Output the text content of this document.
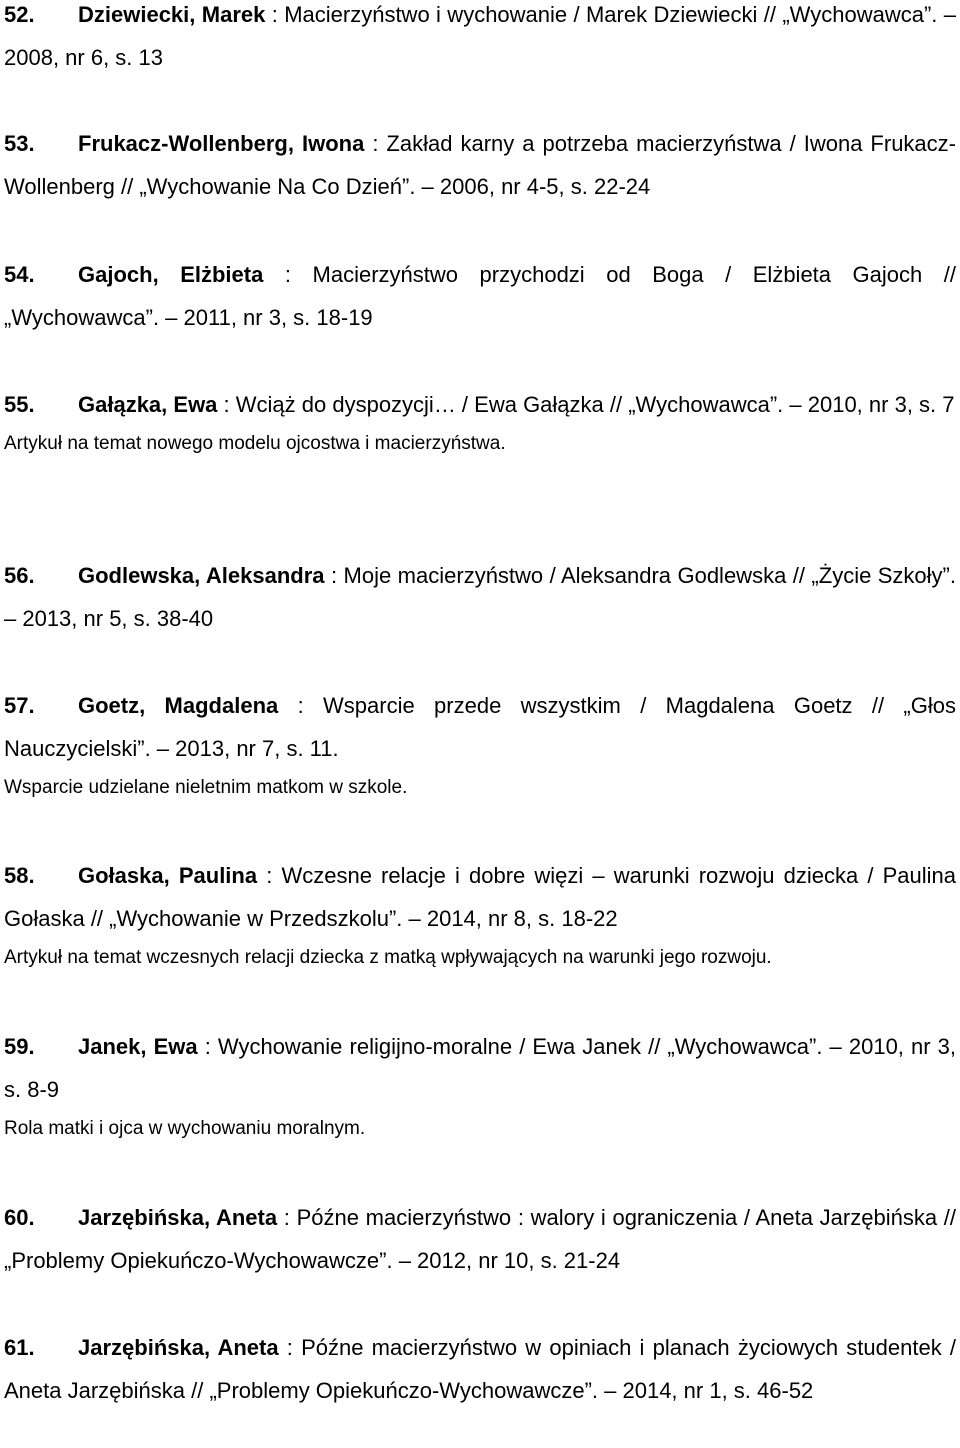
52. Dziewiecki, Marek : Macierzyństwo i wychowanie / Marek Dziewiecki // „Wychowawca”. – 2008, nr 6, s. 13
53. Frukacz-Wollenberg, Iwona : Zakład karny a potrzeba macierzyństwa / Iwona Frukacz-Wollenberg // „Wychowanie Na Co Dzień”. – 2006, nr 4-5, s. 22-24
54. Gajoch, Elżbieta : Macierzyństwo przychodzi od Boga / Elżbieta Gajoch // „Wychowawca”. – 2011, nr 3, s. 18-19
55. Gałązka, Ewa : Wciąż do dyspozycji… / Ewa Gałązka // „Wychowawca”. – 2010, nr 3, s. 7
Artykuł na temat nowego modelu ojcostwa i macierzyństwa.
56. Godlewska, Aleksandra : Moje macierzyństwo / Aleksandra Godlewska // „Życie Szkoły”. – 2013, nr 5, s. 38-40
57. Goetz, Magdalena : Wsparcie przede wszystkim / Magdalena Goetz // „Głos Nauczycielski”. – 2013, nr 7, s. 11.
Wsparcie udzielane nieletnim matkom w szkole.
58. Gołaska, Paulina : Wczesne relacje i dobre więzi – warunki rozwoju dziecka / Paulina Gołaska // „Wychowanie w Przedszkolu”. – 2014, nr 8, s. 18-22
Artykuł na temat wczesnych relacji dziecka z matką wpływających na warunki jego rozwoju.
59. Janek, Ewa : Wychowanie religijno-moralne / Ewa Janek // „Wychowawca”. – 2010, nr 3, s. 8-9
Rola matki i ojca w wychowaniu moralnym.
60. Jarzębińska, Aneta : Późne macierzyństwo : walory i ograniczenia / Aneta Jarzębińska // „Problemy Opiekuńczo-Wychowawcze”. – 2012, nr 10, s. 21-24
61. Jarzębińska, Aneta : Późne macierzyństwo w opiniach i planach życiowych studentek / Aneta Jarzębińska // „Problemy Opiekuńczo-Wychowawcze”. – 2014, nr 1, s. 46-52
